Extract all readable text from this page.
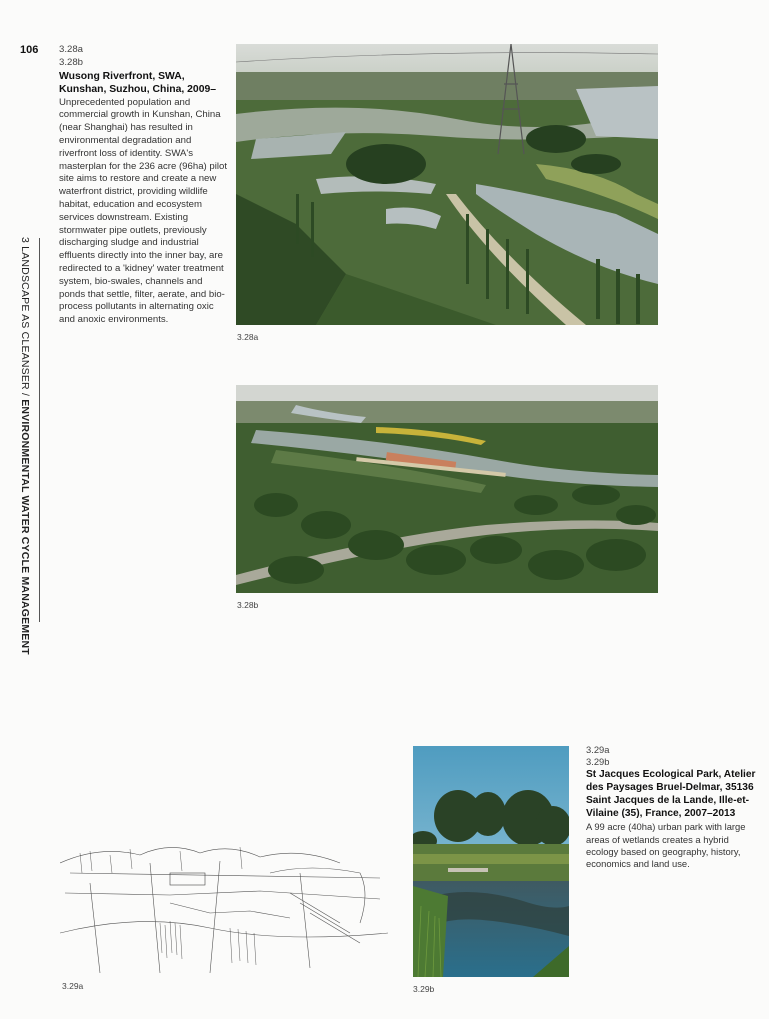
106 3.28a
3.28b
Wusong Riverfront, SWA, Kunshan, Suzhou, China, 2009–
Unprecedented population and commercial growth in Kunshan, China (near Shanghai) has resulted in environmental degradation and riverfront loss of identity. SWA's masterplan for the 236 acre (96ha) pilot site aims to restore and create a new waterfront district, providing wildlife habitat, education and ecosystem services downstream. Existing stormwater pipe outlets, previously discharging sludge and industrial effluents directly into the inner bay, are redirected to a 'kidney' water treatment system, bio-swales, channels and ponds that settle, filter, aerate, and bio-process pollutants in alternating oxic and anoxic environments.
3 LANDSCAPE AS CLEANSER / ENVIRONMENTAL WATER CYCLE MANAGEMENT
3.28a
3.28b
3.29a	3.29b
3.29a
3.29b
St Jacques Ecological Park, Atelier des Paysages Bruel-Delmar, 35136 Saint Jacques de la Lande, Ille-et-Vilaine (35), France, 2007–2013
A 99 acre (40ha) urban park with large areas of wetlands creates a hybrid ecology based on geography, history, economics and land use.
